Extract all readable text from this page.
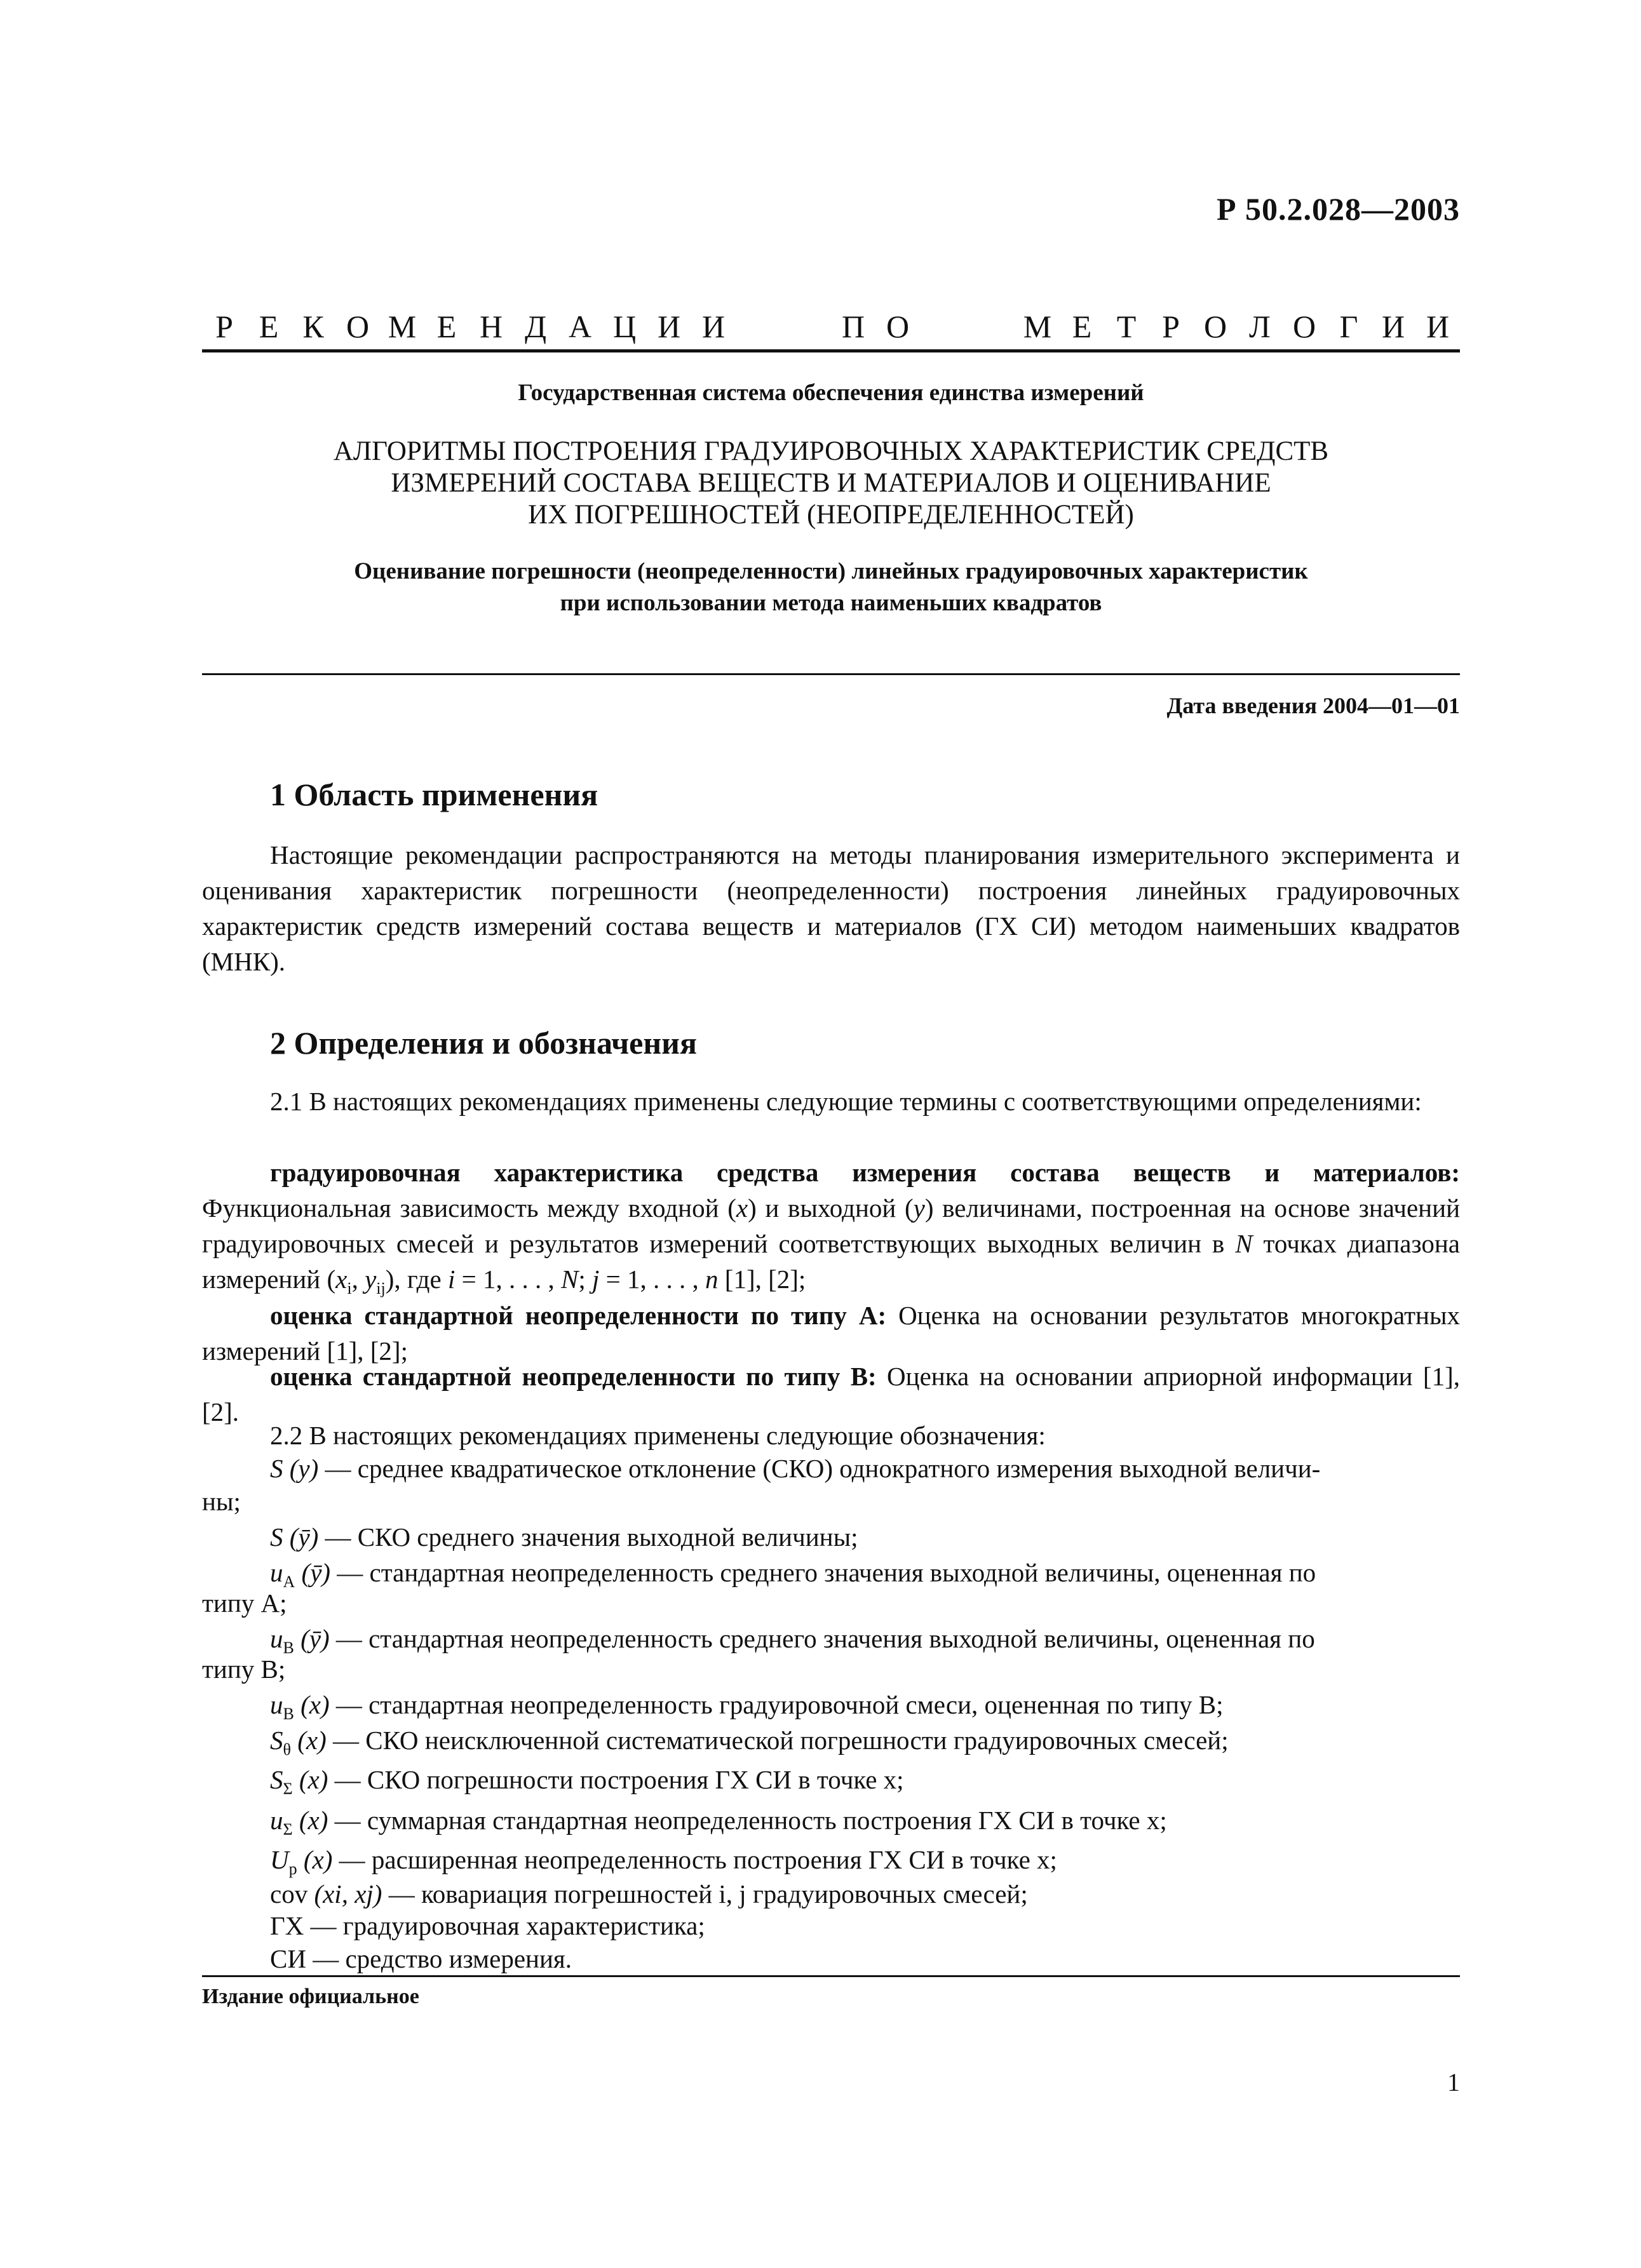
Р 50.2.028—2003
Р Е К О М Е Н Д А Ц И И	П О	М Е Т Р О Л О Г И И
Государственная система обеспечения единства измерений
АЛГОРИТМЫ ПОСТРОЕНИЯ ГРАДУИРОВОЧНЫХ ХАРАКТЕРИСТИК СРЕДСТВ
ИЗМЕРЕНИЙ СОСТАВА ВЕЩЕСТВ И МАТЕРИАЛОВ И ОЦЕНИВАНИЕ
ИХ ПОГРЕШНОСТЕЙ (НЕОПРЕДЕЛЕННОСТЕЙ)
Оценивание погрешности (неопределенности) линейных градуировочных характеристик
при использовании метода наименьших квадратов
Дата введения 2004—01—01
1 Область применения
Настоящие рекомендации распространяются на методы планирования измерительного эксперимента и оценивания характеристик погрешности (неопределенности) построения линейных градуировочных характеристик средств измерений состава веществ и материалов (ГХ СИ) методом наименьших квадратов (МНК).
2 Определения и обозначения
2.1 В настоящих рекомендациях применены следующие термины с соответствующими определениями:
градуировочная характеристика средства измерения состава веществ и материалов: Функциональная зависимость между входной (x) и выходной (y) величинами, построенная на основе значений градуировочных смесей и результатов измерений соответствующих выходных величин в N точках диапазона измерений ($x_i$, $y_{ij}$), где i = 1, . . . , N; j = 1, . . . , n [1], [2];
оценка стандартной неопределенности по типу А: Оценка на основании результатов многократных измерений [1], [2];
оценка стандартной неопределенности по типу В: Оценка на основании априорной информации [1], [2].
2.2 В настоящих рекомендациях применены следующие обозначения:
S (y) — среднее квадратическое отклонение (СКО) однократного измерения выходной величи-
ны;
S (ȳ) — СКО среднего значения выходной величины;
$u_A$ (ȳ) — стандартная неопределенность среднего значения выходной величины, оцененная по
типу А;
$u_B$ (ȳ) — стандартная неопределенность среднего значения выходной величины, оцененная по
типу В;
$u_B$ (x) — стандартная неопределенность градуировочной смеси, оцененная по типу В;
$S_\theta$ (x) — СКО неисключенной систематической погрешности градуировочных смесей;
$S_\Sigma$ (x) — СКО погрешности построения ГХ СИ в точке x;
$u_\Sigma$ (x) — суммарная стандартная неопределенность построения ГХ СИ в точке x;
$U_p$ (x) — расширенная неопределенность построения ГХ СИ в точке x;
cov (xi, xj) — ковариация погрешностей i, j градуировочных смесей;
ГХ — градуировочная характеристика;
СИ — средство измерения.
Издание официальное
1
